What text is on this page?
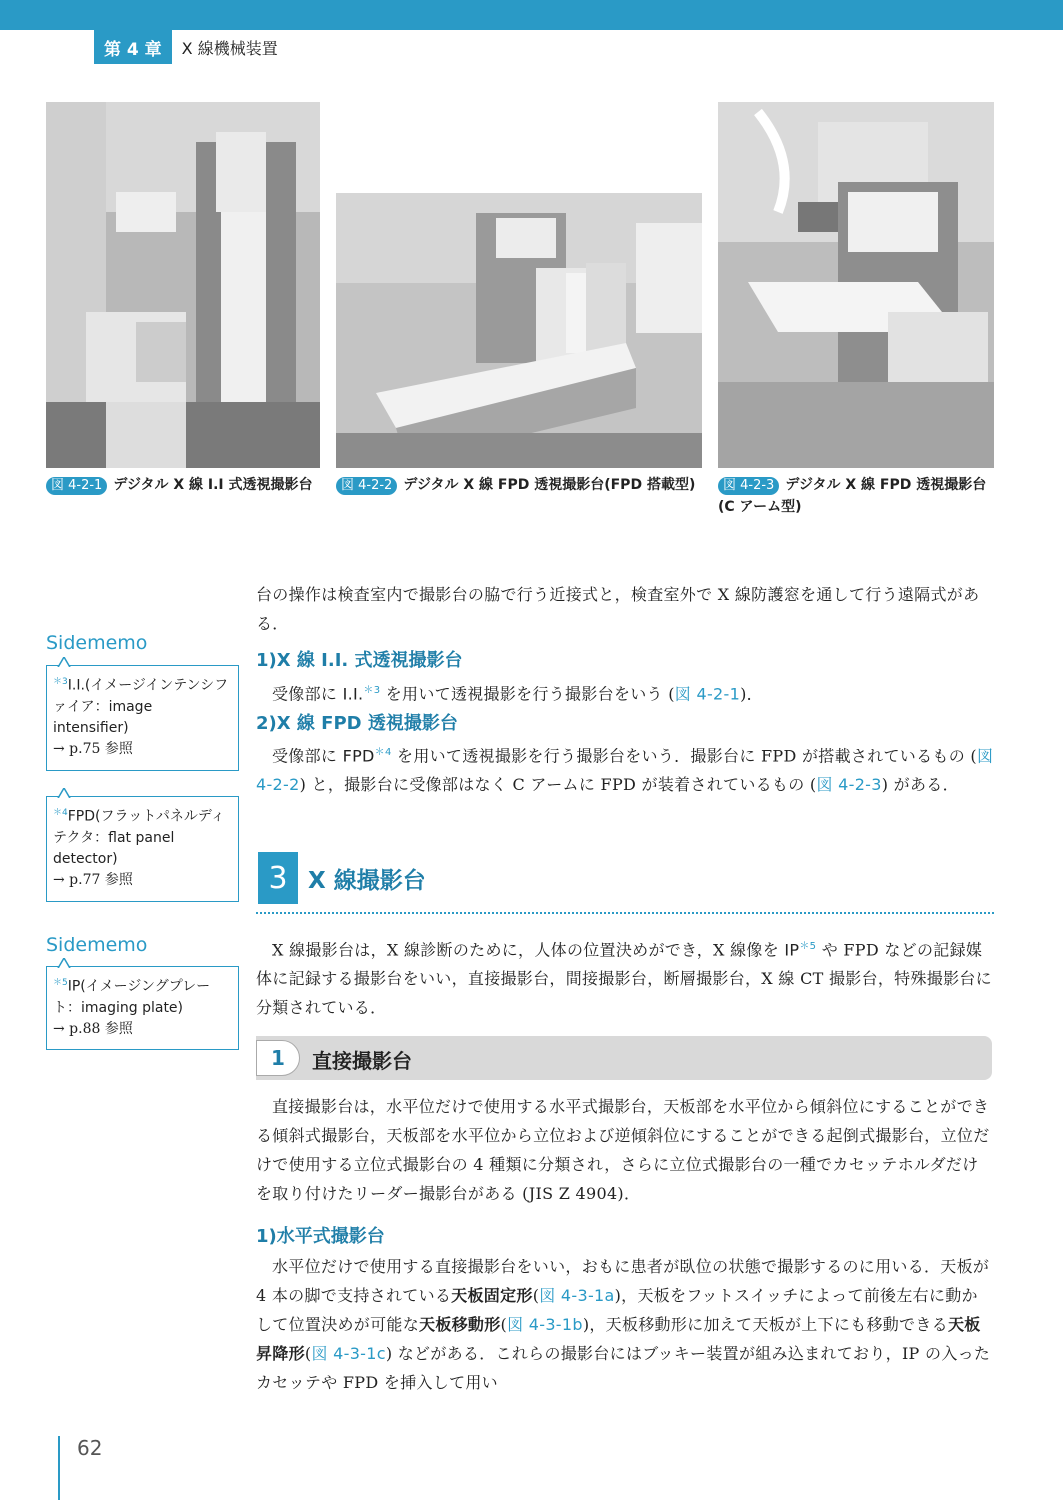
第 4 章	X 線機械装置
図 4-2-1 デジタル X 線 I.I 式透視撮影台	図 4-2-2 デジタル X 線 FPD 透視撮影台(FPD 搭載型)	図 4-2-3 デジタル X 線 FPD 透視撮影台(C アーム型)

台の操作は検査室内で撮影台の脇で行う近接式と，検査室外で X 線防護窓を通して行う遠隔式がある．

1)X 線 I.I. 式透視撮影台

受像部に I.I.$^{*3}$ を用いて透視撮影を行う撮影台をいう (図 4-2-1)．

2)X 線 FPD 透視撮影台

受像部に $FPD^{*4}$ を用いて透視撮影を行う撮影台をいう．撮影台に FPD が搭載されているもの (図 4-2-2) と，撮影台に受像部はなく C アームに FPD が装着されているもの (図 4-2-3) がある．

3 X 線撮影台

X 線撮影台は，X 線診断のために，人体の位置決めができ，X 線像を $IP^{*5}$ や FPD などの記録媒体に記録する撮影台をいい，直接撮影台，間接撮影台，断層撮影台，X 線 CT 撮影台，特殊撮影台に分類されている．

1	直接撮影台

直接撮影台は，水平位だけで使用する水平式撮影台，天板部を水平位から傾斜位にすることができる傾斜式撮影台，天板部を水平位から立位および逆傾斜位にすることができる起倒式撮影台，立位だけで使用する立位式撮影台の 4 種類に分類され，さらに立位式撮影台の一種でカセッテホルダだけを取り付けたリーダー撮影台がある (JIS Z 4904)．

1)水平式撮影台

水平位だけで使用する直接撮影台をいい，おもに患者が臥位の状態で撮影するのに用いる．天板が 4 本の脚で支持されている天板固定形(図 4-3-1a)，天板をフットスイッチによって前後左右に動かして位置決めが可能な天板移動形(図 4-3-1b)，天板移動形に加えて天板が上下にも移動できる天板昇降形(図 4-3-1c) などがある．これらの撮影台にはブッキー装置が組み込まれており，IP の入ったカセッテや FPD を挿入して用い

Sidememo
$^{*3}$I.I.(イメージインテンシファイア：image intensifier)
→ p.75 参照
$^{*4}$FPD(フラットパネルディテクタ：flat panel detector)
→ p.77 参照
Sidememo
$^{*5}$IP(イメージングプレート：imaging plate)
→ p.88 参照
62
